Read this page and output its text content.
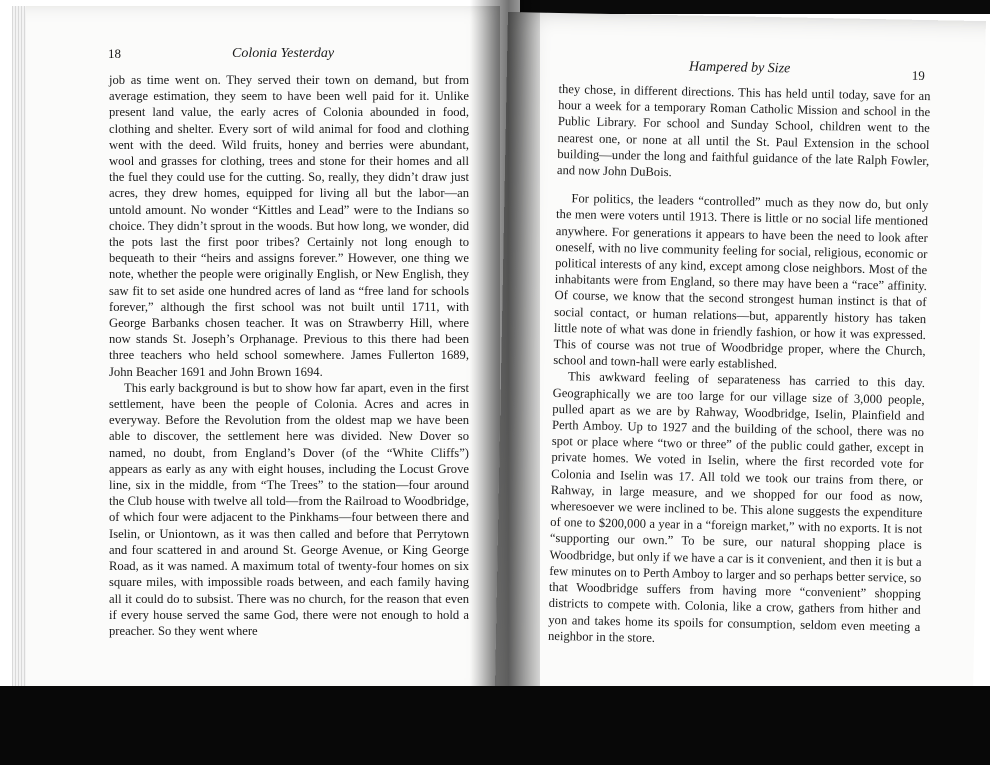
18	Colonia Yesterday

job as time went on. They served their town on demand, but from average estimation, they seem to have been well paid for it. Unlike present land value, the early acres of Colonia abounded in food, clothing and shelter. Every sort of wild animal for food and clothing went with the deed. Wild fruits, honey and berries were abundant, wool and grasses for clothing, trees and stone for their homes and all the fuel they could use for the cutting. So, really, they didn’t draw just acres, they drew homes, equipped for living all but the labor—an untold amount. No wonder “Kittles and Lead” were to the Indians so choice. They didn’t sprout in the woods. But how long, we wonder, did the pots last the first poor tribes? Certainly not long enough to bequeath to their “heirs and assigns forever.” However, one thing we note, whether the people were originally English, or New English, they saw fit to set aside one hundred acres of land as “free land for schools forever,” although the first school was not built until 1711, with George Barbanks chosen teacher. It was on Strawberry Hill, where now stands St. Joseph’s Orphanage. Previous to this there had been three teachers who held school somewhere. James Fullerton 1689, John Beacher 1691 and John Brown 1694.

This early background is but to show how far apart, even in the first settlement, have been the people of Colonia. Acres and acres in everyway. Before the Revolution from the oldest map we have been able to discover, the settlement here was divided. New Dover so named, no doubt, from England’s Dover (of the “White Cliffs”) appears as early as any with eight houses, including the Locust Grove line, six in the middle, from “The Trees” to the station—four around the Club house with twelve all told—from the Railroad to Woodbridge, of which four were adjacent to the Pinkhams—four between there and Iselin, or Uniontown, as it was then called and before that Perrytown and four scattered in and around St. George Avenue, or King George Road, as it was named. A maximum total of twenty-four homes on six square miles, with impossible roads between, and each family having all it could do to subsist. There was no church, for the reason that even if every house served the same God, there were not enough to hold a preacher. So they went where

Hampered by Size	19

they chose, in different directions. This has held until today, save for an hour a week for a temporary Roman Catholic Mission and school in the Public Library. For school and Sunday School, children went to the nearest one, or none at all until the St. Paul Extension in the school building—under the long and faithful guidance of the late Ralph Fowler, and now John DuBois.

For politics, the leaders “controlled” much as they now do, but only the men were voters until 1913. There is little or no social life mentioned anywhere. For generations it appears to have been the need to look after oneself, with no live community feeling for social, religious, economic or political interests of any kind, except among close neighbors. Most of the inhabitants were from England, so there may have been a “race” affinity. Of course, we know that the second strongest human instinct is that of social contact, or human relations—but, apparently history has taken little note of what was done in friendly fashion, or how it was expressed. This of course was not true of Woodbridge proper, where the Church, school and town-hall were early established.

This awkward feeling of separateness has carried to this day. Geographically we are too large for our village size of 3,000 people, pulled apart as we are by Rahway, Woodbridge, Iselin, Plainfield and Perth Amboy. Up to 1927 and the building of the school, there was no spot or place where “two or three” of the public could gather, except in private homes. We voted in Iselin, where the first recorded vote for Colonia and Iselin was 17. All told we took our trains from there, or Rahway, in large measure, and we shopped for our food as now, wheresoever we were inclined to be. This alone suggests the expenditure of one to $200,000 a year in a “foreign market,” with no exports. It is not “supporting our own.” To be sure, our natural shopping place is Woodbridge, but only if we have a car is it convenient, and then it is but a few minutes on to Perth Amboy to larger and so perhaps better service, so that Woodbridge suffers from having more “convenient” shopping districts to compete with. Colonia, like a crow, gathers from hither and yon and takes home its spoils for consumption, seldom even meeting a neighbor in the store.
